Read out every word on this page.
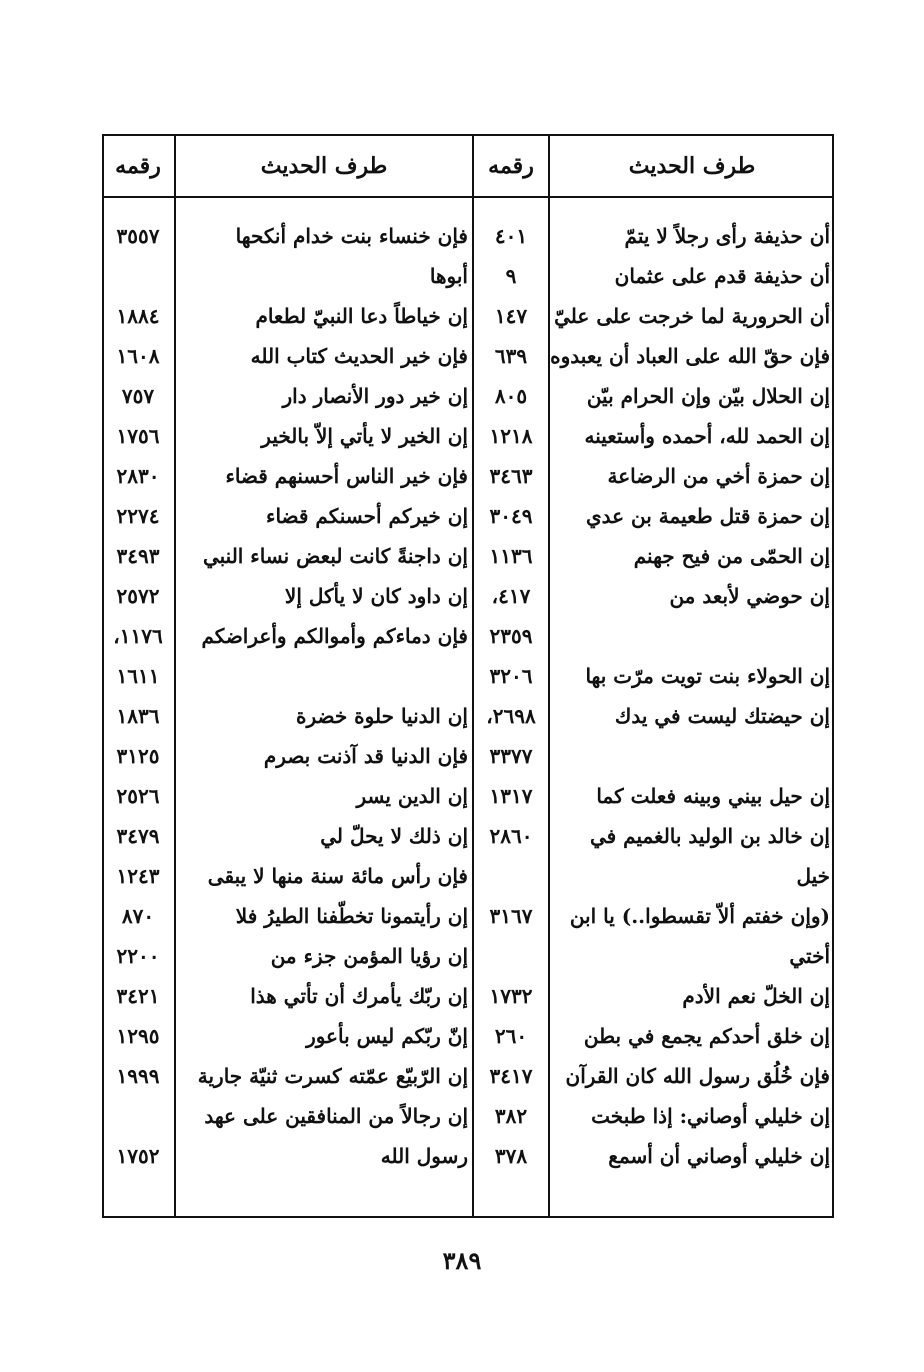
طرف الحديث
رقمه
طرف الحديث
رقمه
أن حذيفة رأى رجلاً لا يتمّ
أن حذيفة قدم على عثمان
أن الحرورية لما خرجت على عليّ
فإن حقّ الله على العباد أن يعبدوه
إن الحلال بيّن وإن الحرام بيّن
إن الحمد لله، أحمده وأستعينه
إن حمزة أخي من الرضاعة
إن حمزة قتل طعيمة بن عدي
إن الحمّى من فيح جهنم
إن حوضي لأبعد من
إن الحولاء بنت تويت مرّت بها
إن حيضتك ليست في يدك
إن حيل بيني وبينه فعلت كما
إن خالد بن الوليد بالغميم في
خيل
(وإن خفتم ألاّ تقسطوا..) يا ابن
أختي
إن الخلّ نعم الأدم
إن خلق أحدكم يجمع في بطن
فإن خُلُق رسول الله كان القرآن
إن خليلي أوصاني: إذا طبخت
إن خليلي أوصاني أن أسمع
٤٠١
٩
١٤٧
٦٣٩
٨٠٥
١٢١٨
٣٤٦٣
٣٠٤٩
١١٣٦
٤١٧،
٢٣٥٩
٣٢٠٦
٢٦٩٨،
٣٣٧٧
١٣١٧
٢٨٦٠
٣١٦٧
١٧٣٢
٢٦٠
٣٤١٧
٣٨٢
٣٧٨
فإن خنساء بنت خدام أنكحها
أبوها
إن خياطاً دعا النبيّ لطعام
فإن خير الحديث كتاب الله
إن خير دور الأنصار دار
إن الخير لا يأتي إلاّ بالخير
فإن خير الناس أحسنهم قضاء
إن خيركم أحسنكم قضاء
إن داجنةً كانت لبعض نساء النبي
إن داود كان لا يأكل إلا
فإن دماءكم وأموالكم وأعراضكم
إن الدنيا حلوة خضرة
فإن الدنيا قد آذنت بصرم
إن الدين يسر
إن ذلك لا يحلّ لي
فإن رأس مائة سنة منها لا يبقى
إن رأيتمونا تخطّفنا الطيرُ فلا
إن رؤيا المؤمن جزء من
إن ربّك يأمرك أن تأتي هذا
إنّ ربّكم ليس بأعور
إن الرّبيّع عمّته كسرت ثنيّة جارية
إن رجالاً من المنافقين على عهد
رسول الله
٣٥٥٧
١٨٨٤
١٦٠٨
٧٥٧
١٧٥٦
٢٨٣٠
٢٢٧٤
٣٤٩٣
٢٥٧٢
١١٧٦،
١٦١١
١٨٣٦
٣١٢٥
٢٥٢٦
٣٤٧٩
١٢٤٣
٨٧٠
٢٢٠٠
٣٤٢١
١٢٩٥
١٩٩٩
١٧٥٢
٣٨٩
